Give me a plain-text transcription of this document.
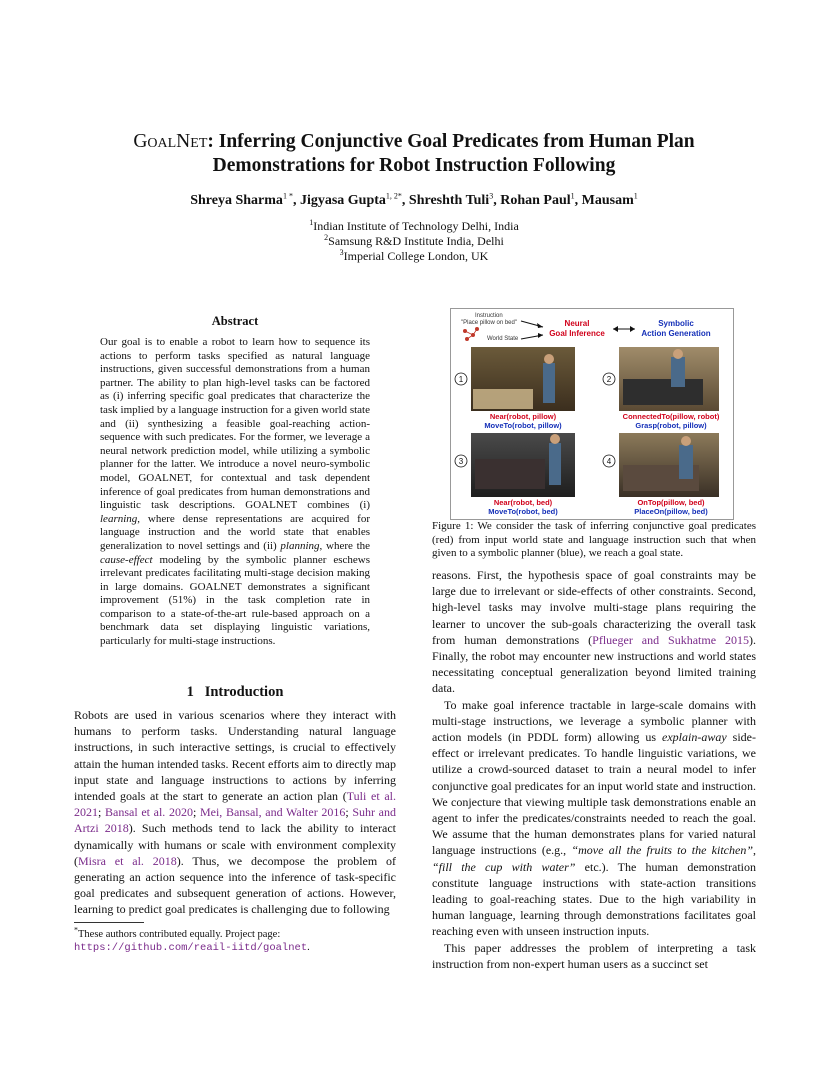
GoalNet: Inferring Conjunctive Goal Predicates from Human Plan
Demonstrations for Robot Instruction Following
Shreya Sharma$^{1 *}$, Jigyasa Gupta$^{1, 2*}$, Shreshth Tuli$^3$, Rohan Paul$^1$, Mausam$^1$
$^1$Indian Institute of Technology Delhi, India
$^2$Samsung R&D Institute India, Delhi
$^3$Imperial College London, UK
Abstract
Our goal is to enable a robot to learn how to sequence its actions to perform tasks specified as natural language instructions, given successful demonstrations from a human partner. The ability to plan high-level tasks can be factored as (i) inferring specific goal predicates that characterize the task implied by a language instruction for a given world state and (ii) synthesizing a feasible goal-reaching action-sequence with such predicates. For the former, we leverage a neural network prediction model, while utilizing a symbolic planner for the latter. We introduce a novel neuro-symbolic model, GOALNET, for contextual and task dependent inference of goal predicates from human demonstrations and linguistic task descriptions. GOALNET combines (i) learning, where dense representations are acquired for language instruction and the world state that enables generalization to novel settings and (ii) planning, where the cause-effect modeling by the symbolic planner eschews irrelevant predicates facilitating multi-stage decision making in large domains. GOALNET demonstrates a significant improvement (51%) in the task completion rate in comparison to a state-of-the-art rule-based approach on a benchmark data set displaying linguistic variations, particularly for multi-stage instructions.
1 Introduction
Robots are used in various scenarios where they interact with humans to perform tasks. Understanding natural language instructions, in such interactive settings, is crucial to effectively attain the human intended tasks. Recent efforts aim to directly map input state and language instructions to actions by inferring intended goals at the start to generate an action plan (Tuli et al. 2021; Bansal et al. 2020; Mei, Bansal, and Walter 2016; Suhr and Artzi 2018). Such methods tend to lack the ability to interact dynamically with humans or scale with environment complexity (Misra et al. 2018). Thus, we decompose the problem of generating an action sequence into the inference of task-specific goal predicates and subsequent generation of actions. However, learning to predict goal predicates is challenging due to following
*These authors contributed equally. Project page: https://github.com/reail-iitd/goalnet.
Instruction
"Place pillow on bed"
World State
Neural
Goal Inference
Symbolic
Action Generation
1
Near(robot, pillow)
MoveTo(robot, pillow)
2
ConnectedTo(pillow, robot)
Grasp(robot, pillow)
3
Near(robot, bed)
MoveTo(robot, bed)
4
OnTop(pillow, bed)
PlaceOn(pillow, bed)
Figure 1: We consider the task of inferring conjunctive goal predicates (red) from input world state and language instruction such that when given to a symbolic planner (blue), we reach a goal state.

reasons. First, the hypothesis space of goal constraints may be large due to irrelevant or side-effects of other constraints. Second, high-level tasks may involve multi-stage plans requiring the learner to uncover the sub-goals characterizing the overall task from human demonstrations (Pflueger and Sukhatme 2015). Finally, the robot may encounter new instructions and world states necessitating conceptual generalization beyond limited training data.

To make goal inference tractable in large-scale domains with multi-stage instructions, we leverage a symbolic planner with action models (in PDDL form) allowing us explain-away side-effect or irrelevant predicates. To handle linguistic variations, we utilize a crowd-sourced dataset to train a neural model to infer conjunctive goal predicates for an input world state and instruction. We conjecture that viewing multiple task demonstrations enable an agent to infer the predicates/constraints needed to reach the goal. We assume that the human demonstrates plans for varied natural language instructions (e.g., “move all the fruits to the kitchen”, “fill the cup with water” etc.). The human demonstration constitute language instructions with state-action transitions leading to goal-reaching states. Due to the high variability in human language, learning through demonstrations facilitates goal reaching even with unseen instruction inputs.

This paper addresses the problem of interpreting a task instruction from non-expert human users as a succinct set
